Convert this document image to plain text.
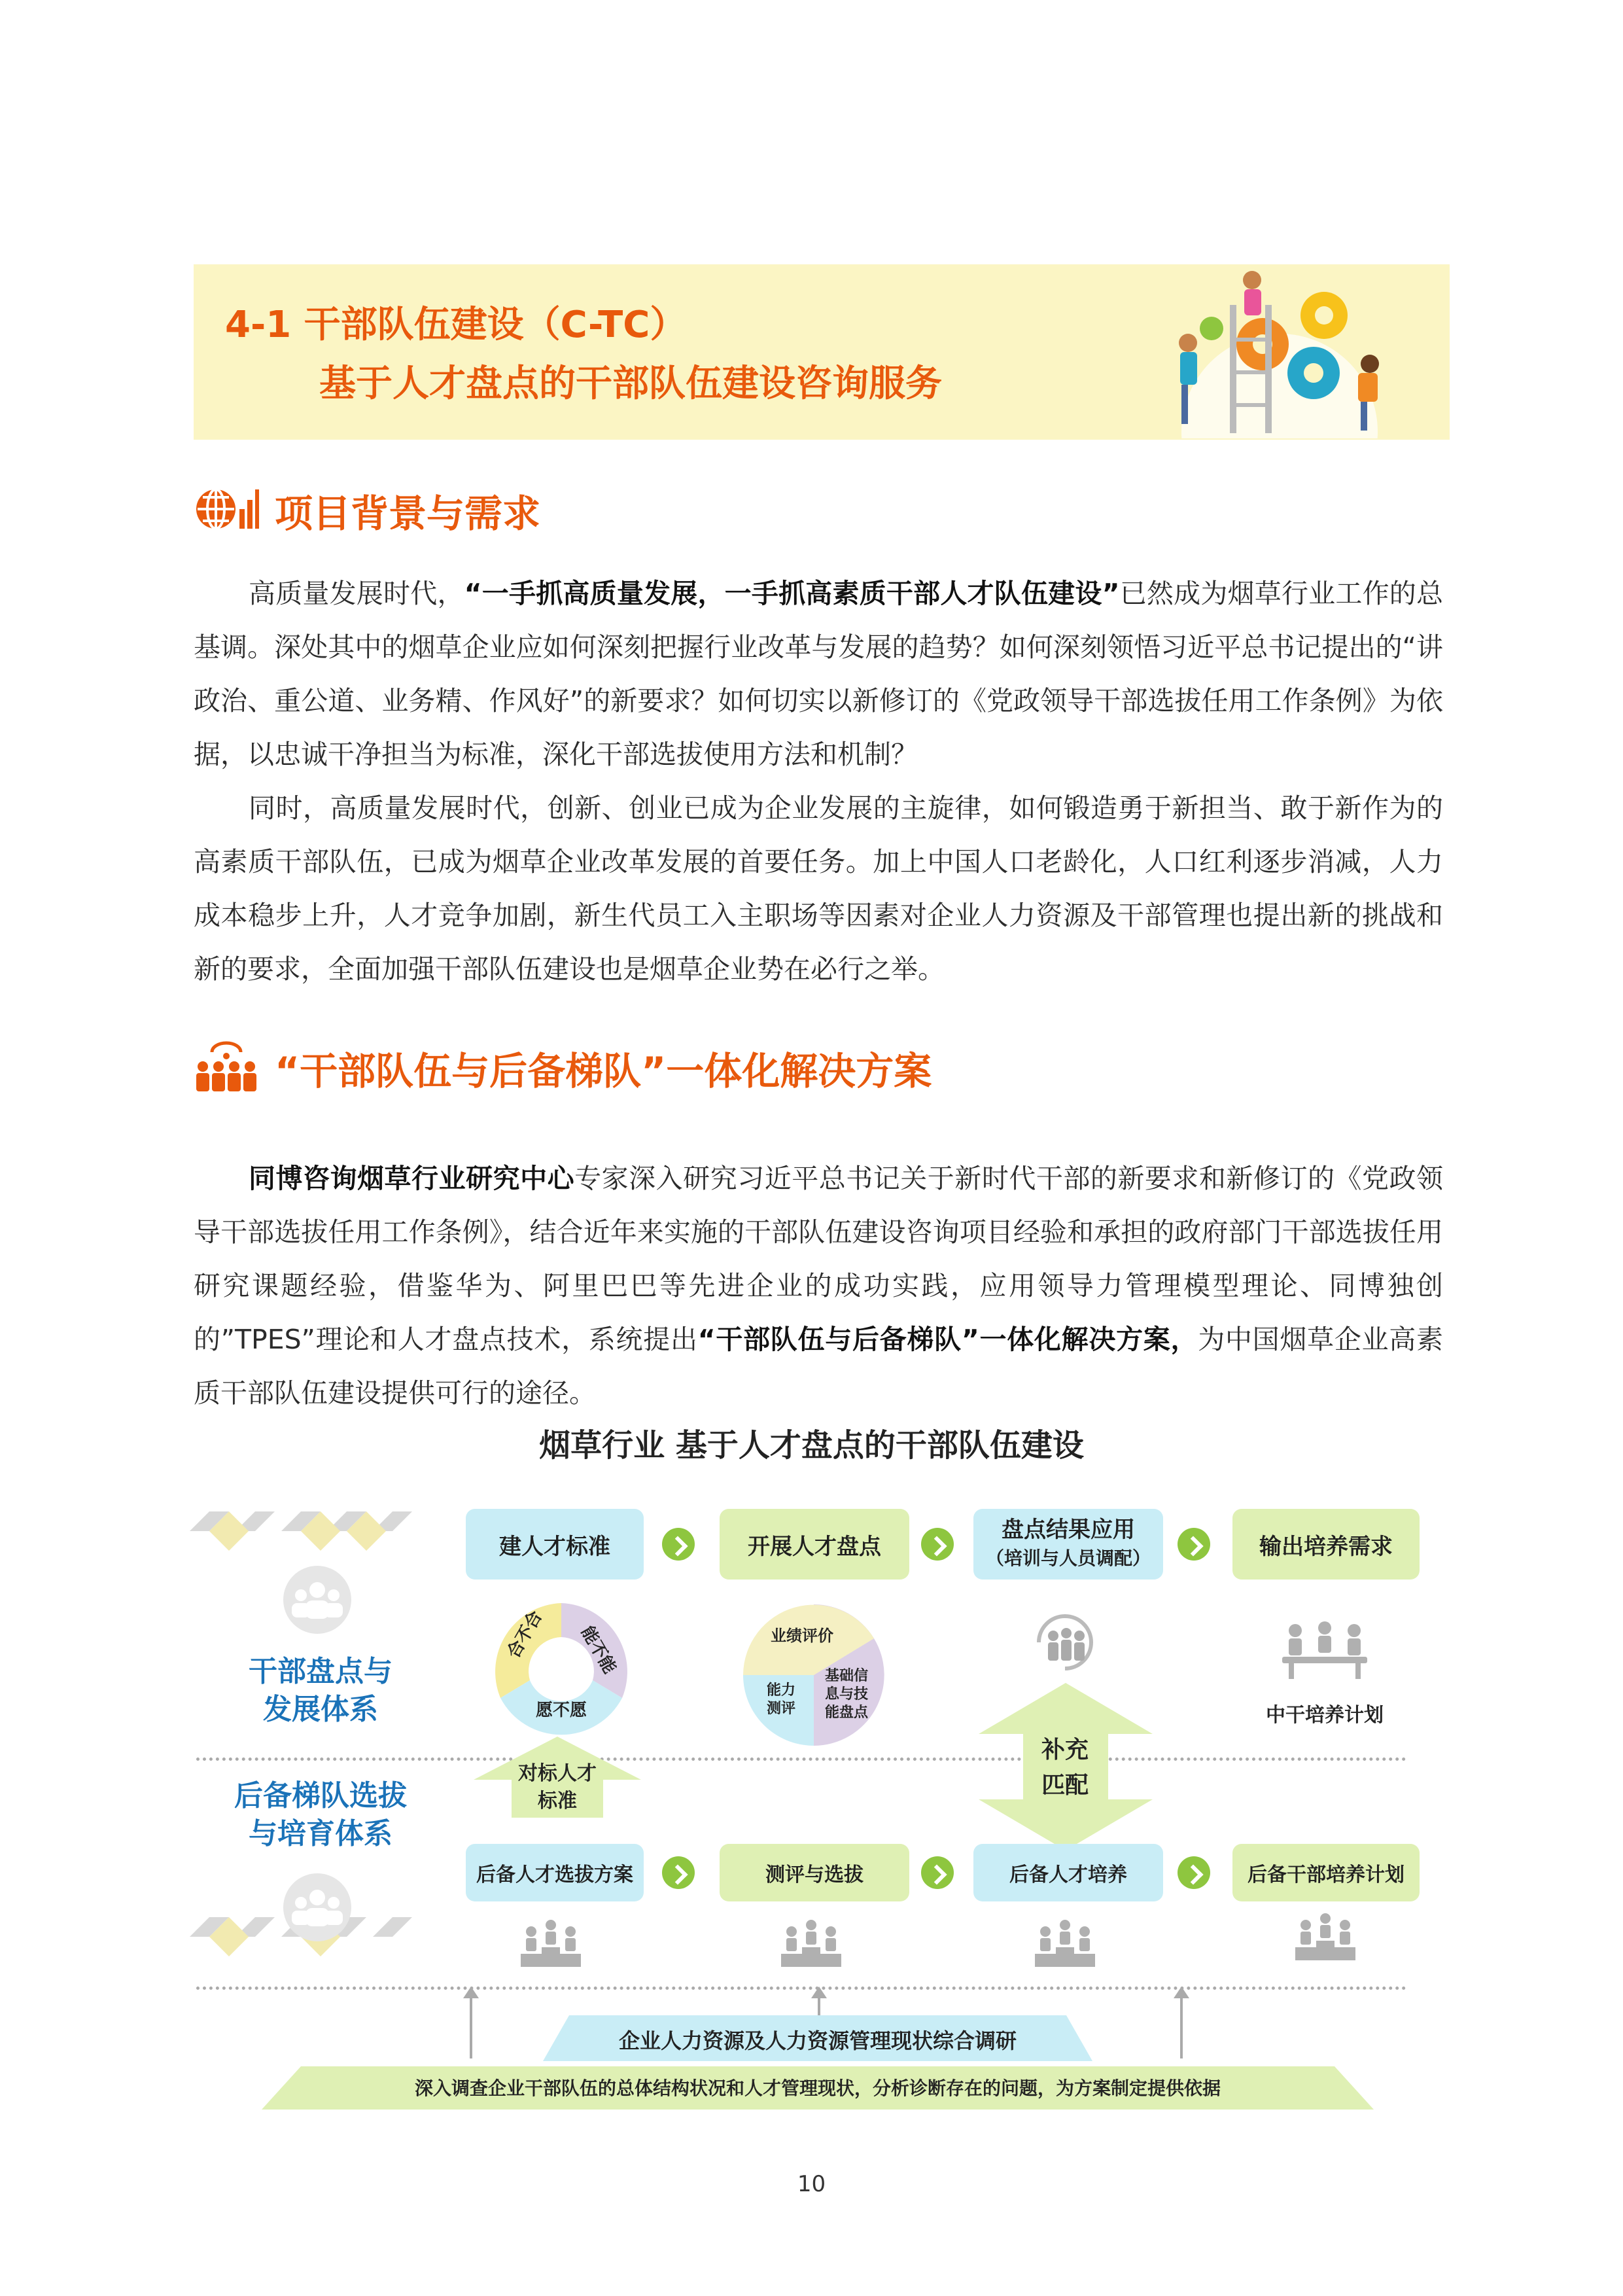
4-1 干部队伍建设（C-TC）
基于人才盘点的干部队伍建设咨询服务
项目背景与需求

高质量发展时代，“一手抓高质量发展，一手抓高素质干部人才队伍建设”已然成为烟草行业工作的总基调。深处其中的烟草企业应如何深刻把握行业改革与发展的趋势？如何深刻领悟习近平总书记提出的“讲政治、重公道、业务精、作风好”的新要求？如何切实以新修订的《党政领导干部选拔任用工作条例》为依据，以忠诚干净担当为标准，深化干部选拔使用方法和机制？

同时，高质量发展时代，创新、创业已成为企业发展的主旋律，如何锻造勇于新担当、敢于新作为的高素质干部队伍，已成为烟草企业改革发展的首要任务。加上中国人口老龄化，人口红利逐步消减，人力成本稳步上升，人才竞争加剧，新生代员工入主职场等因素对企业人力资源及干部管理也提出新的挑战和新的要求，全面加强干部队伍建设也是烟草企业势在必行之举。

“干部队伍与后备梯队”一体化解决方案

同博咨询烟草行业研究中心专家深入研究习近平总书记关于新时代干部的新要求和新修订的《党政领导干部选拔任用工作条例》，结合近年来实施的干部队伍建设咨询项目经验和承担的政府部门干部选拔任用研究课题经验，借鉴华为、阿里巴巴等先进企业的成功实践，应用领导力管理模型理论、同博独创的”TPES”理论和人才盘点技术，系统提出“干部队伍与后备梯队”一体化解决方案，为中国烟草企业高素质干部队伍建设提供可行的途径。

烟草行业 基于人才盘点的干部队伍建设
干部盘点与
发展体系
后备梯队选拔
与培育体系
建人才标准	开展人才盘点
盘点结果应用
（培训与人员调配）	输出培养需求
合不合 能不能
愿不愿
业绩评价
能力测评
基础信息与技能盘点	中干培养计划
对标人才
标准
补充
匹配
后备人才选拔方案	测评与选拔	后备人才培养	后备干部培养计划
企业人力资源及人力资源管理现状综合调研
深入调查企业干部队伍的总体结构状况和人才管理现状，分析诊断存在的问题，为方案制定提供依据
10
